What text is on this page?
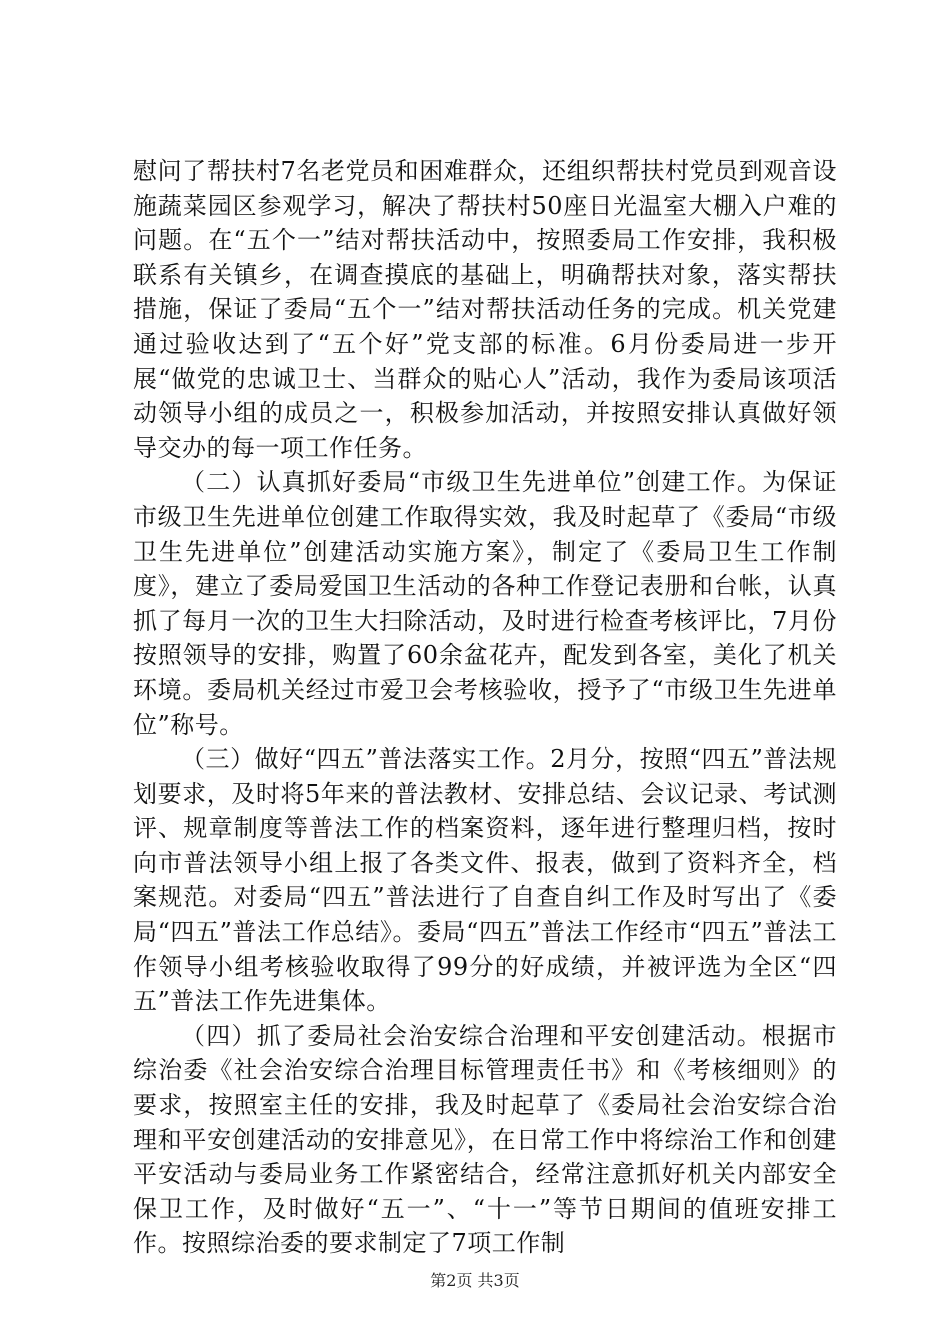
慰问了帮扶村7名老党员和困难群众，还组织帮扶村党员到观音设施蔬菜园区参观学习，解决了帮扶村50座日光温室大棚入户难的问题。在“五个一”结对帮扶活动中，按照委局工作安排，我积极联系有关镇乡，在调查摸底的基础上，明确帮扶对象，落实帮扶措施，保证了委局“五个一”结对帮扶活动任务的完成。机关党建通过验收达到了“五个好”党支部的标准。6月份委局进一步开展“做党的忠诚卫士、当群众的贴心人”活动，我作为委局该项活动领导小组的成员之一，积极参加活动，并按照安排认真做好领导交办的每一项工作任务。

（二）认真抓好委局“市级卫生先进单位”创建工作。为保证市级卫生先进单位创建工作取得实效，我及时起草了《委局“市级卫生先进单位”创建活动实施方案》，制定了《委局卫生工作制度》，建立了委局爱国卫生活动的各种工作登记表册和台帐，认真抓了每月一次的卫生大扫除活动，及时进行检查考核评比，7月份按照领导的安排，购置了60余盆花卉，配发到各室，美化了机关环境。委局机关经过市爱卫会考核验收，授予了“市级卫生先进单位”称号。

（三）做好“四五”普法落实工作。2月分，按照“四五”普法规划要求，及时将5年来的普法教材、安排总结、会议记录、考试测评、规章制度等普法工作的档案资料，逐年进行整理归档，按时向市普法领导小组上报了各类文件、报表，做到了资料齐全，档案规范。对委局“四五”普法进行了自查自纠工作及时写出了《委局“四五”普法工作总结》。委局“四五”普法工作经市“四五”普法工作领导小组考核验收取得了99分的好成绩，并被评选为全区“四五”普法工作先进集体。

（四）抓了委局社会治安综合治理和平安创建活动。根据市综治委《社会治安综合治理目标管理责任书》和《考核细则》的要求，按照室主任的安排，我及时起草了《委局社会治安综合治理和平安创建活动的安排意见》，在日常工作中将综治工作和创建平安活动与委局业务工作紧密结合，经常注意抓好机关内部安全保卫工作，及时做好“五一”、“十一”等节日期间的值班安排工作。按照综治委的要求制定了7项工作制

第2页 共3页
